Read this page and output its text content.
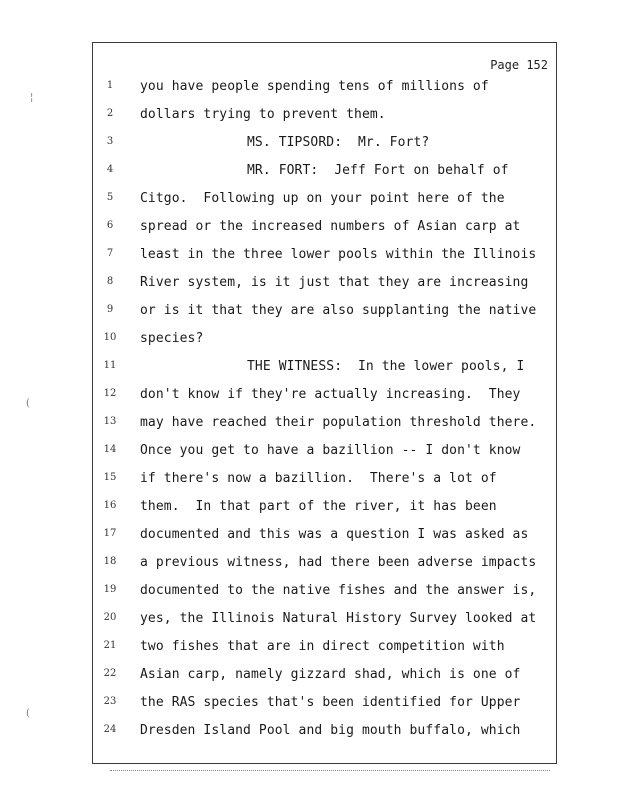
Page 152
¦
(
(
1	you have people spending tens of millions of
2	dollars trying to prevent them.
3	MS. TIPSORD:  Mr. Fort?
4	MR. FORT:  Jeff Fort on behalf of
5	Citgo.  Following up on your point here of the
6	spread or the increased numbers of Asian carp at
7	least in the three lower pools within the Illinois
8	River system, is it just that they are increasing
9	or is it that they are also supplanting the native
10 species?
11	THE WITNESS:  In the lower pools, I
12 don't know if they're actually increasing.  They
13 may have reached their population threshold there.
14 Once you get to have a bazillion -- I don't know
15 if there's now a bazillion.  There's a lot of
16 them.  In that part of the river, it has been
17 documented and this was a question I was asked as
18 a previous witness, had there been adverse impacts
19 documented to the native fishes and the answer is,
20 yes, the Illinois Natural History Survey looked at
21 two fishes that are in direct competition with
22 Asian carp, namely gizzard shad, which is one of
23 the RAS species that's been identified for Upper
24 Dresden Island Pool and big mouth buffalo, which
